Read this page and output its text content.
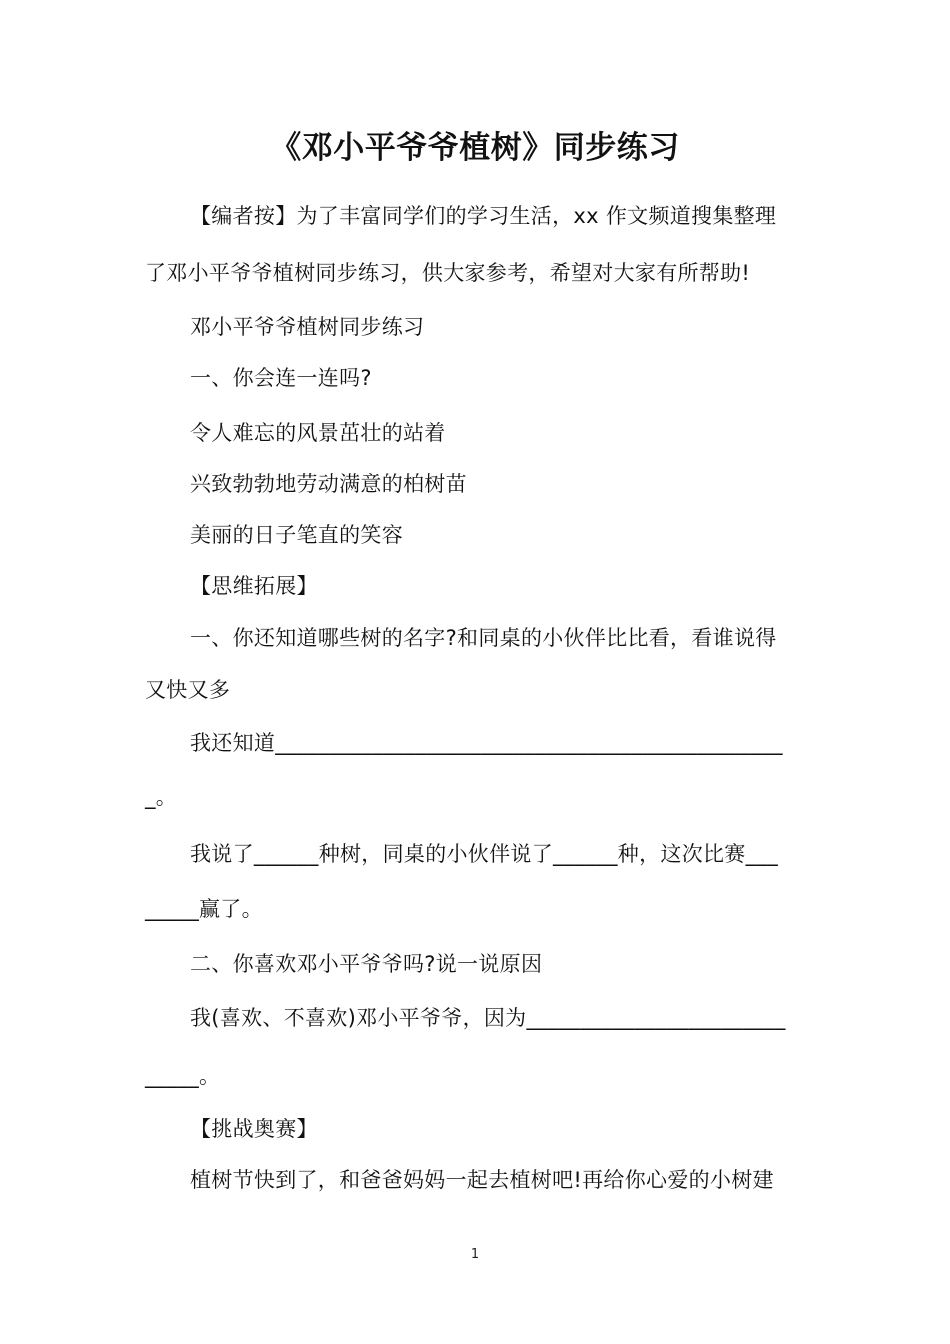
《邓小平爷爷植树》同步练习
【编者按】为了丰富同学们的学习生活，xx 作文频道搜集整理
了邓小平爷爷植树同步练习，供大家参考，希望对大家有所帮助!
邓小平爷爷植树同步练习
一、你会连一连吗?
令人难忘的风景茁壮的站着
兴致勃勃地劳动满意的柏树苗
美丽的日子笔直的笑容
【思维拓展】
一、你还知道哪些树的名字?和同桌的小伙伴比比看，看谁说得
又快又多
我还知道_______________________________________________
_。
我说了______种树，同桌的小伙伴说了______种，这次比赛___
_____赢了。
二、你喜欢邓小平爷爷吗?说一说原因
我(喜欢、不喜欢)邓小平爷爷，因为________________________
_____。
【挑战奥赛】
植树节快到了，和爸爸妈妈一起去植树吧!再给你心爱的小树建
1
